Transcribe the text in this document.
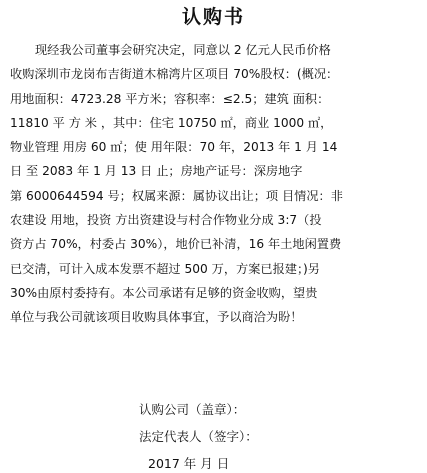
认购书
现经我公司董事会研究决定，同意以 2 亿元人民币价格
收购深圳市龙岗布吉街道木棉湾片区项目 70%股权：(概况：
用地面积：4723.28 平方米；容积率：≤2.5；建筑 面积：
11810 平 方 米 ，其中：住宅 10750 ㎡，商业 1000 ㎡，
物业管理 用房 60 ㎡；使 用年限：70 年，2013 年 1 月 14
日 至 2083 年 1 月 13 日 止；房地产证号：深房地字
第 6000644594 号；权属来源：属协议出让；项 目情况：非
农建设 用地，投资 方出资建设与村合作物业分成 3:7（投
资方占 70%，村委占 30%），地价已补清，16 年土地闲置费
已交清，可计入成本发票不超过 500 万，方案已报建；)另
30%由原村委持有。本公司承诺有足够的资金收购，望贵
单位与我公司就该项目收购具体事宜，予以商洽为盼！
认购公司（盖章）：
法定代表人（签字）：
2017 年 月 日
